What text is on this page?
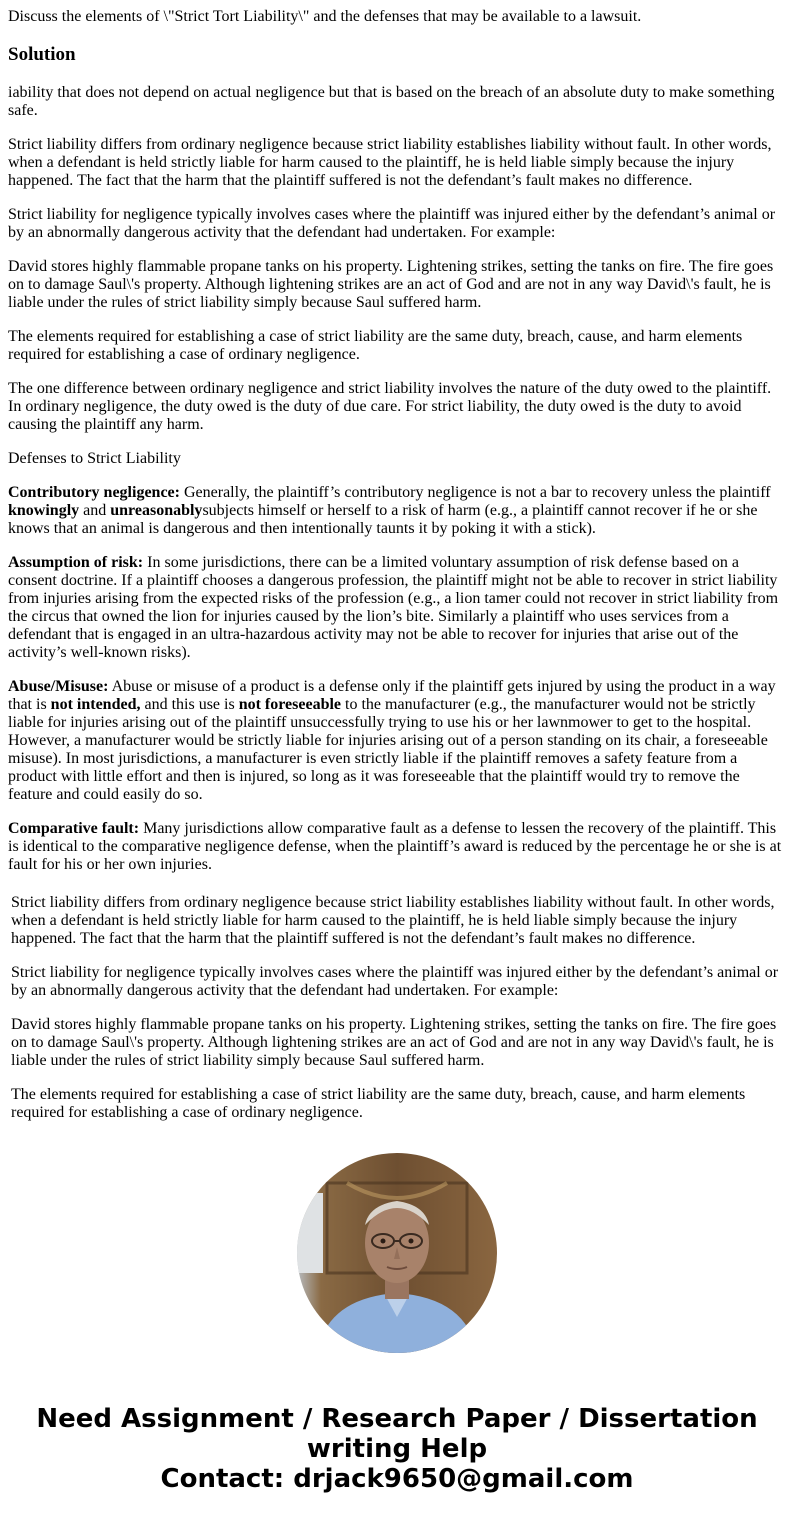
Discuss the elements of \"Strict Tort Liability\" and the defenses that may be available to a lawsuit.

Solution

iability that does not depend on actual negligence but that is based on the breach of an absolute duty to make something safe.

Strict liability differs from ordinary negligence because strict liability establishes liability without fault. In other words, when a defendant is held strictly liable for harm caused to the plaintiff, he is held liable simply because the injury happened. The fact that the harm that the plaintiff suffered is not the defendant’s fault makes no difference.

Strict liability for negligence typically involves cases where the plaintiff was injured either by the defendant’s animal or by an abnormally dangerous activity that the defendant had undertaken. For example:

David stores highly flammable propane tanks on his property. Lightening strikes, setting the tanks on fire. The fire goes on to damage Saul\'s property. Although lightening strikes are an act of God and are not in any way David\'s fault, he is liable under the rules of strict liability simply because Saul suffered harm.

The elements required for establishing a case of strict liability are the same duty, breach, cause, and harm elements required for establishing a case of ordinary negligence.

The one difference between ordinary negligence and strict liability involves the nature of the duty owed to the plaintiff. In ordinary negligence, the duty owed is the duty of due care. For strict liability, the duty owed is the duty to avoid causing the plaintiff any harm.

Defenses to Strict Liability

Contributory negligence: Generally, the plaintiff’s contributory negligence is not a bar to recovery unless the plaintiff knowingly and unreasonablysubjects himself or herself to a risk of harm (e.g., a plaintiff cannot recover if he or she knows that an animal is dangerous and then intentionally taunts it by poking it with a stick).

Assumption of risk: In some jurisdictions, there can be a limited voluntary assumption of risk defense based on a consent doctrine. If a plaintiff chooses a dangerous profession, the plaintiff might not be able to recover in strict liability from injuries arising from the expected risks of the profession (e.g., a lion tamer could not recover in strict liability from the circus that owned the lion for injuries caused by the lion’s bite. Similarly a plaintiff who uses services from a defendant that is engaged in an ultra-hazardous activity may not be able to recover for injuries that arise out of the activity’s well-known risks).

Abuse/Misuse: Abuse or misuse of a product is a defense only if the plaintiff gets injured by using the product in a way that is not intended, and this use is not foreseeable to the manufacturer (e.g., the manufacturer would not be strictly liable for injuries arising out of the plaintiff unsuccessfully trying to use his or her lawnmower to get to the hospital. However, a manufacturer would be strictly liable for injuries arising out of a person standing on its chair, a foreseeable misuse). In most jurisdictions, a manufacturer is even strictly liable if the plaintiff removes a safety feature from a product with little effort and then is injured, so long as it was foreseeable that the plaintiff would try to remove the feature and could easily do so.

Comparative fault: Many jurisdictions allow comparative fault as a defense to lessen the recovery of the plaintiff. This is identical to the comparative negligence defense, when the plaintiff’s award is reduced by the percentage he or she is at fault for his or her own injuries.

Strict liability differs from ordinary negligence because strict liability establishes liability without fault. In other words, when a defendant is held strictly liable for harm caused to the plaintiff, he is held liable simply because the injury happened. The fact that the harm that the plaintiff suffered is not the defendant’s fault makes no difference.

Strict liability for negligence typically involves cases where the plaintiff was injured either by the defendant’s animal or by an abnormally dangerous activity that the defendant had undertaken. For example:

David stores highly flammable propane tanks on his property. Lightening strikes, setting the tanks on fire. The fire goes on to damage Saul\'s property. Although lightening strikes are an act of God and are not in any way David\'s fault, he is liable under the rules of strict liability simply because Saul suffered harm.

The elements required for establishing a case of strict liability are the same duty, breach, cause, and harm elements required for establishing a case of ordinary negligence.

Need Assignment / Research Paper / Dissertation
writing Help
Contact: drjack9650@gmail.com
